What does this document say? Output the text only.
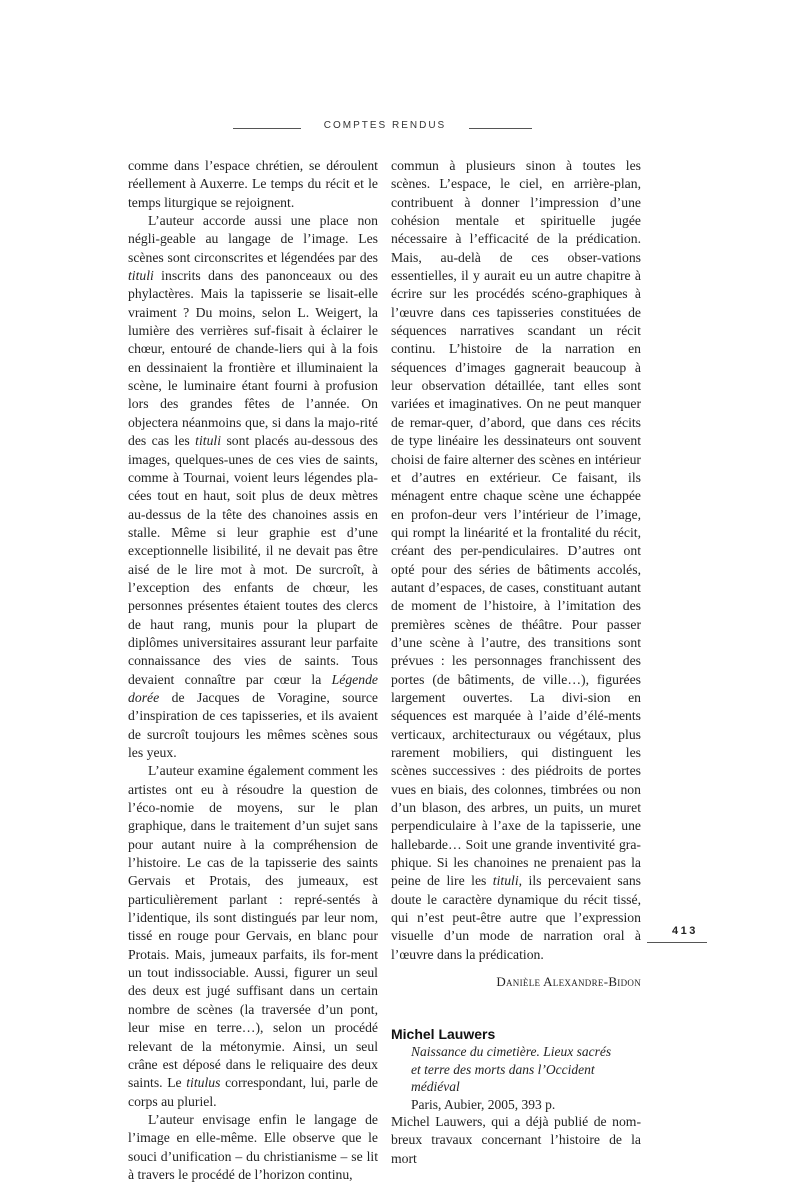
COMPTES RENDUS

comme dans l’espace chrétien, se déroulent réellement à Auxerre. Le temps du récit et le temps liturgique se rejoignent.

L’auteur accorde aussi une place non négli-geable au langage de l’image. Les scènes sont circonscrites et légendées par des tituli inscrits dans des panonceaux ou des phylactères. Mais la tapisserie se lisait-elle vraiment ? Du moins, selon L. Weigert, la lumière des verrières suf-fisait à éclairer le chœur, entouré de chande-liers qui à la fois en dessinaient la frontière et illuminaient la scène, le luminaire étant fourni à profusion lors des grandes fêtes de l’année. On objectera néanmoins que, si dans la majo-rité des cas les tituli sont placés au-dessous des images, quelques-unes de ces vies de saints, comme à Tournai, voient leurs légendes pla-cées tout en haut, soit plus de deux mètres au-dessus de la tête des chanoines assis en stalle. Même si leur graphie est d’une exceptionnelle lisibilité, il ne devait pas être aisé de le lire mot à mot. De surcroît, à l’exception des enfants de chœur, les personnes présentes étaient toutes des clercs de haut rang, munis pour la plupart de diplômes universitaires assurant leur parfaite connaissance des vies de saints. Tous devaient connaître par cœur la Légende dorée de Jacques de Voragine, source d’inspiration de ces tapisseries, et ils avaient de surcroît toujours les mêmes scènes sous les yeux.

L’auteur examine également comment les artistes ont eu à résoudre la question de l’éco-nomie de moyens, sur le plan graphique, dans le traitement d’un sujet sans pour autant nuire à la compréhension de l’histoire. Le cas de la tapisserie des saints Gervais et Protais, des jumeaux, est particulièrement parlant : repré-sentés à l’identique, ils sont distingués par leur nom, tissé en rouge pour Gervais, en blanc pour Protais. Mais, jumeaux parfaits, ils for-ment un tout indissociable. Aussi, figurer un seul des deux est jugé suffisant dans un certain nombre de scènes (la traversée d’un pont, leur mise en terre…), selon un procédé relevant de la métonymie. Ainsi, un seul crâne est déposé dans le reliquaire des deux saints. Le titulus correspondant, lui, parle de corps au pluriel.

L’auteur envisage enfin le langage de l’image en elle-même. Elle observe que le souci d’unification – du christianisme – se lit à travers le procédé de l’horizon continu,

commun à plusieurs sinon à toutes les scènes. L’espace, le ciel, en arrière-plan, contribuent à donner l’impression d’une cohésion mentale et spirituelle jugée nécessaire à l’efficacité de la prédication. Mais, au-delà de ces obser-vations essentielles, il y aurait eu un autre chapitre à écrire sur les procédés scéno-graphiques à l’œuvre dans ces tapisseries constituées de séquences narratives scandant un récit continu. L’histoire de la narration en séquences d’images gagnerait beaucoup à leur observation détaillée, tant elles sont variées et imaginatives. On ne peut manquer de remar-quer, d’abord, que dans ces récits de type linéaire les dessinateurs ont souvent choisi de faire alterner des scènes en intérieur et d’autres en extérieur. Ce faisant, ils ménagent entre chaque scène une échappée en profon-deur vers l’intérieur de l’image, qui rompt la linéarité et la frontalité du récit, créant des per-pendiculaires. D’autres ont opté pour des séries de bâtiments accolés, autant d’espaces, de cases, constituant autant de moment de l’histoire, à l’imitation des premières scènes de théâtre. Pour passer d’une scène à l’autre, des transitions sont prévues : les personnages franchissent des portes (de bâtiments, de ville…), figurées largement ouvertes. La divi-sion en séquences est marquée à l’aide d’élé-ments verticaux, architecturaux ou végétaux, plus rarement mobiliers, qui distinguent les scènes successives : des piédroits de portes vues en biais, des colonnes, timbrées ou non d’un blason, des arbres, un puits, un muret perpendiculaire à l’axe de la tapisserie, une hallebarde… Soit une grande inventivité gra-phique. Si les chanoines ne prenaient pas la peine de lire les tituli, ils percevaient sans doute le caractère dynamique du récit tissé, qui n’est peut-être autre que l’expression visuelle d’un mode de narration oral à l’œuvre dans la prédication.

Danièle Alexandre-Bidon
Michel Lauwers
Naissance du cimetière. Lieux sacrés
et terre des morts dans l’Occident médiéval
Paris, Aubier, 2005, 393 p.

Michel Lauwers, qui a déjà publié de nom-breux travaux concernant l’histoire de la mort

413
